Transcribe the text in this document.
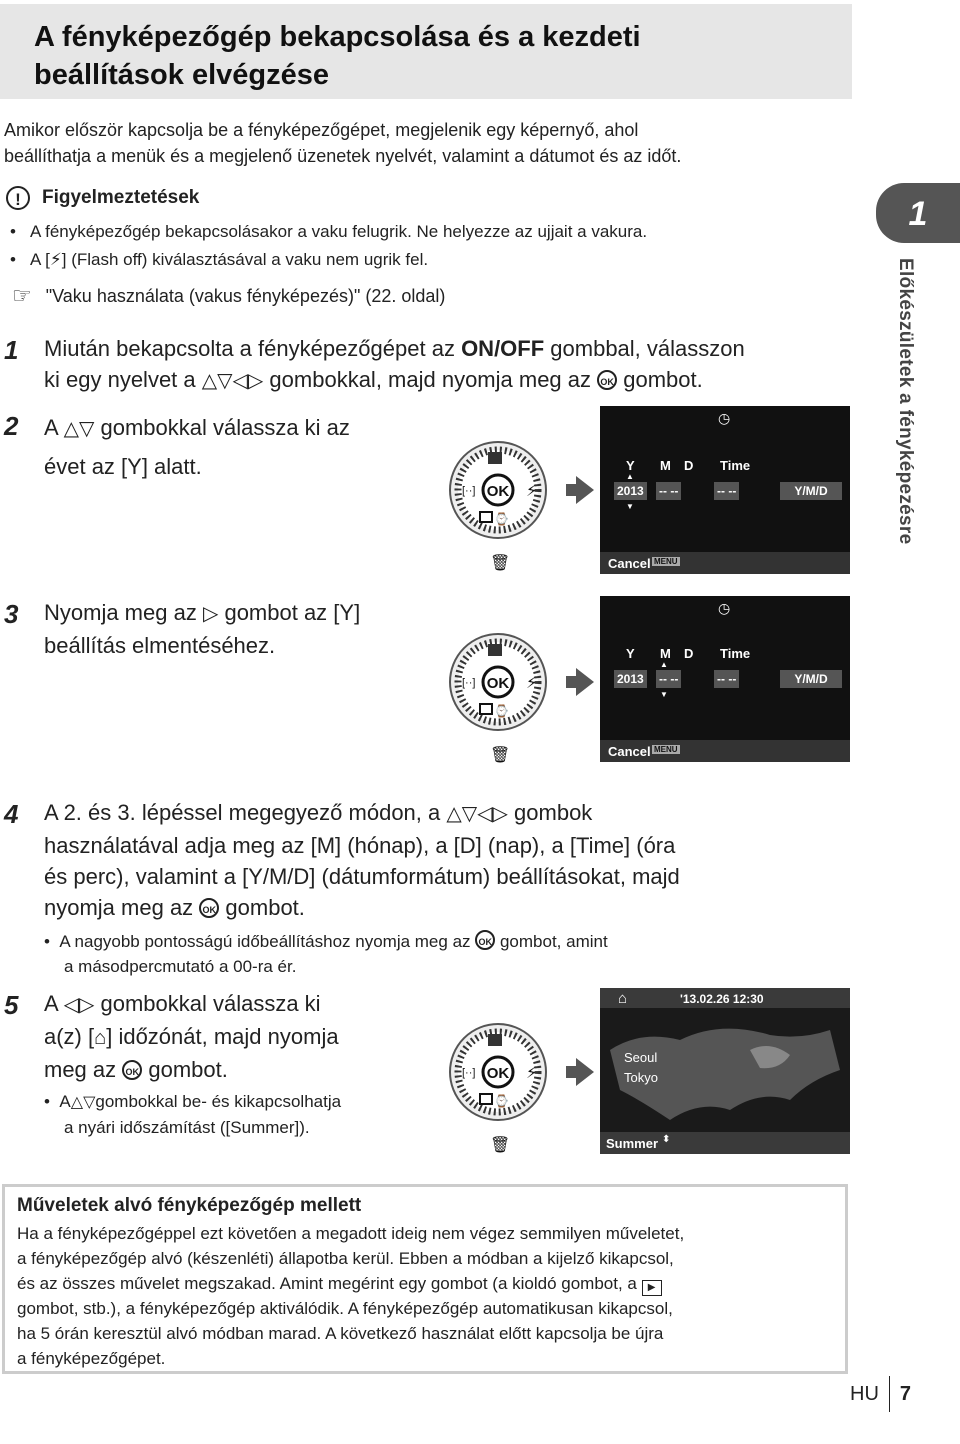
A fényképezőgép bekapcsolása és a kezdeti
beállítások elvégzése
Amikor először kapcsolja be a fényképezőgépet, megjelenik egy képernyő, ahol
beállíthatja a menük és a megjelenő üzenetek nyelvét, valamint a dátumot és az időt.
!	Figyelmeztetések
• A fényképezőgép bekapcsolásakor a vaku felugrik. Ne helyezze az ujjait a vakura.
• A [⚡] (Flash off) kiválasztásával a vaku nem ugrik fel.
☞ "Vaku használata (vakus fényképezés)" (22. oldal)
1
Előkészületek a fényképezésre
1 Miután bekapcsolta a fényképezőgépet az ON/OFF gombbal, válasszon
ki egy nyelvet a △▽◁▷ gombokkal, majd nyomja meg az OK gombot.
2 A △▽ gombokkal válassza ki az
évet az [Y] alatt.
OK
[··]	⚡
⌚
🗑
◷
Y M D Time
2013 -- --	-- --	Y/M/D
▲
▼
Cancel MENU
3 Nyomja meg az ▷ gombot az [Y]
beállítás elmentéséhez.
OK
[··]	⚡
⌚
🗑
◷
Y M D Time
2013 -- --	-- --	Y/M/D
▲
▼
Cancel MENU
4 A 2. és 3. lépéssel megegyező módon, a △▽◁▷ gombok
használatával adja meg az [M] (hónap), a [D] (nap), a [Time] (óra
és perc), valamint a [Y/M/D] (dátumformátum) beállításokat, majd
nyomja meg az OK gombot.
•  A nagyobb pontosságú időbeállításhoz nyomja meg az OK gombot, amint
a másodpercmutató a 00-ra ér.
5 A ◁▷ gombokkal válassza ki
a(z) [⌂] időzónát, majd nyomja
meg az OK gombot.
•  A△▽gombokkal be- és kikapcsolhatja
a nyári időszámítást ([Summer]).
OK
[··]	⚡
⌚
🗑
⌂	'13.02.26 12:30
Seoul
Tokyo
Summer ⬍
Műveletek alvó fényképezőgép mellett

Ha a fényképezőgéppel ezt követően a megadott ideig nem végez semmilyen műveletet,
a fényképezőgép alvó (készenléti) állapotba kerül. Ebben a módban a kijelző kikapcsol,
és az összes művelet megszakad. Amint megérint egy gombot (a kioldó gombot, a ▶
gombot, stb.), a fényképezőgép aktiválódik. A fényképezőgép automatikusan kikapcsol,
ha 5 órán keresztül alvó módban marad. A következő használat előtt kapcsolja be újra
a fényképezőgépet.

HU 7
